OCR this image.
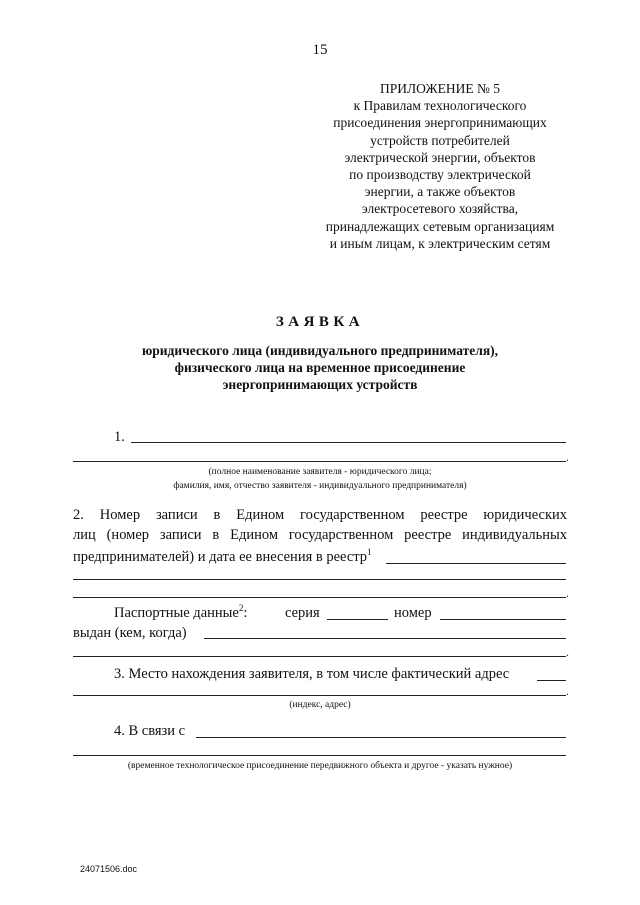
15
ПРИЛОЖЕНИЕ № 5
к Правилам технологического
присоединения энергопринимающих
устройств потребителей
электрической энергии, объектов
по производству электрической
энергии, а также объектов
электросетевого хозяйства,
принадлежащих сетевым организациям
и иным лицам, к электрическим сетям
ЗАЯВКА
юридического лица (индивидуального предпринимателя),
физического лица на временное присоединение
энергопринимающих устройств
1.
.
(полное наименование заявителя - юридического лица;
фамилия, имя, отчество заявителя - индивидуального предпринимателя)
2. Номер записи в Едином государственном реестре юридических
лиц (номер записи в Едином государственном реестре индивидуальных
предпринимателей) и дата ее внесения в реестр$^1$
.
Паспортные данные$^2$:	серия	номер
выдан (кем, когда)
.
3. Место нахождения заявителя, в том числе фактический адрес
.
(индекс, адрес)
4. В связи с
(временное технологическое присоединение передвижного объекта и другое - указать нужное)
24071506.doc
